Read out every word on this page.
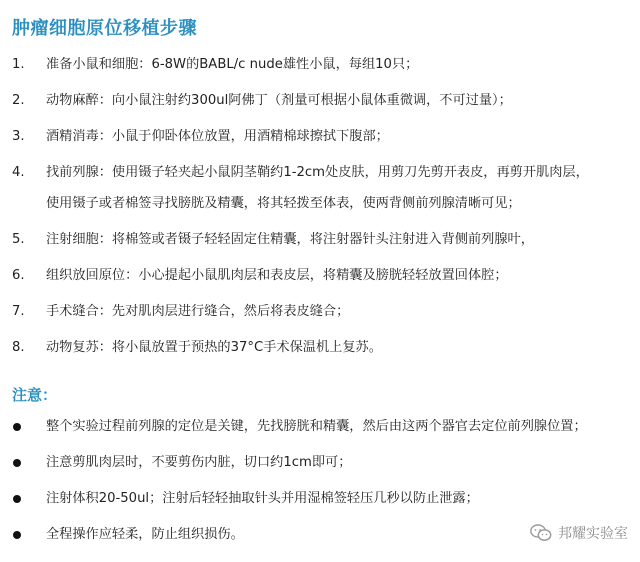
肿瘤细胞原位移植步骤
1. 准备小鼠和细胞：6-8W的BABL/c nude雄性小鼠，每组10只；
2. 动物麻醉：向小鼠注射约300ul阿佛丁（剂量可根据小鼠体重微调，不可过量）；
3. 酒精消毒：小鼠于仰卧体位放置，用酒精棉球擦拭下腹部；
4. 找前列腺：使用镊子轻夹起小鼠阴茎鞘约1-2cm处皮肤，用剪刀先剪开表皮，再剪开肌肉层，
使用镊子或者棉签寻找膀胱及精囊，将其轻拨至体表，使两背侧前列腺清晰可见；
5. 注射细胞：将棉签或者镊子轻轻固定住精囊，将注射器针头注射进入背侧前列腺叶，
6. 组织放回原位：小心提起小鼠肌肉层和表皮层，将精囊及膀胱轻轻放置回体腔；
7. 手术缝合：先对肌肉层进行缝合，然后将表皮缝合；
8. 动物复苏：将小鼠放置于预热的37°C手术保温机上复苏。
注意：
整个实验过程前列腺的定位是关键，先找膀胱和精囊，然后由这两个器官去定位前列腺位置；
注意剪肌肉层时，不要剪伤内脏，切口约1cm即可；
注射体积20-50ul；注射后轻轻抽取针头并用湿棉签轻压几秒以防止泄露；
全程操作应轻柔，防止组织损伤。	邦耀实验室
